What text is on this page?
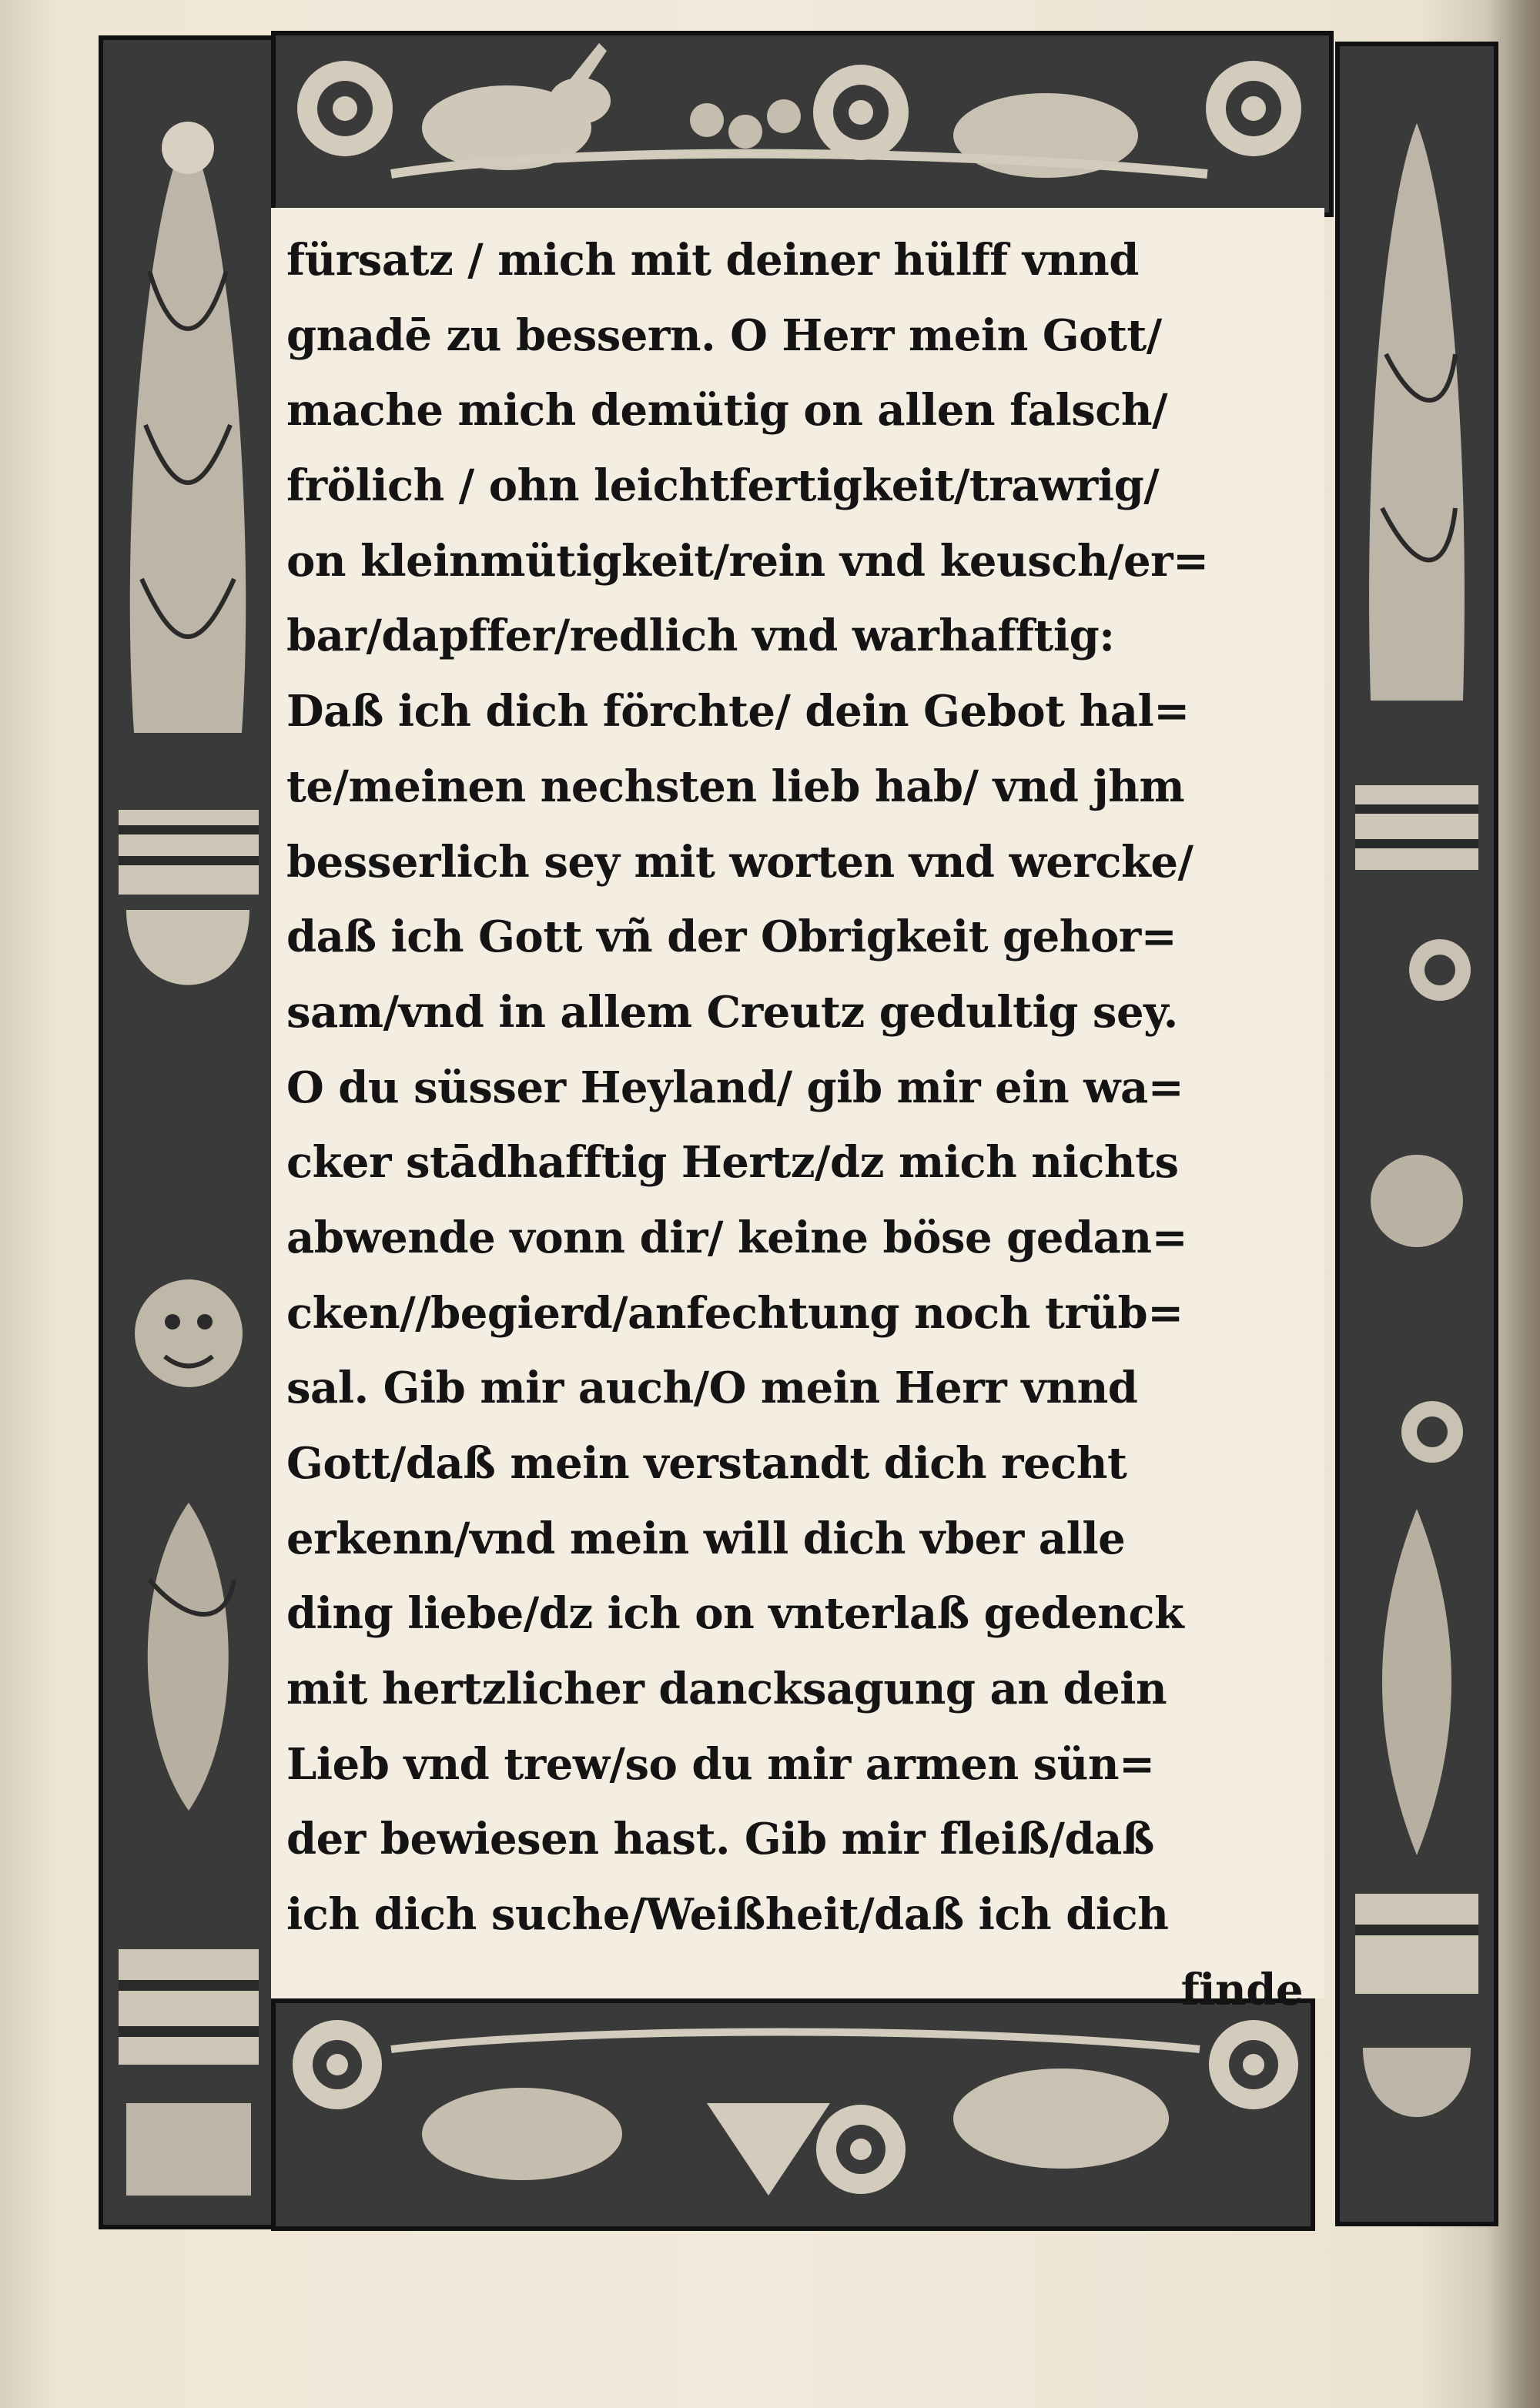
fürsatz / mich mit deiner hülff vnnd
gnadē zu bessern. O Herr mein Gott/
mache mich demütig on allen falsch/
frölich / ohn leichtfertigkeit/trawrig/
on kleinmütigkeit/rein vnd keusch/er=
bar/dapffer/redlich vnd warhafftig:
Daß ich dich förchte/ dein Gebot hal=
te/meinen nechsten lieb hab/ vnd jhm
besserlich sey mit worten vnd wercke/
daß ich Gott vñ der Obrigkeit gehor=
sam/vnd in allem Creutz gedultig sey.
O du süsser Heyland/ gib mir ein wa=
cker stādhafftig Hertz/dz mich nichts
abwende vonn dir/ keine böse gedan=
cken//begierd/anfechtung noch trüb=
sal. Gib mir auch/O mein Herr vnnd
Gott/daß mein verstandt dich recht
erkenn/vnd mein will dich vber alle
ding liebe/dz ich on vnterlaß gedenck
mit hertzlicher dancksagung an dein
Lieb vnd trew/so du mir armen sün=
der bewiesen hast. Gib mir fleiß/daß
ich dich suche/Weißheit/daß ich dich
finde
